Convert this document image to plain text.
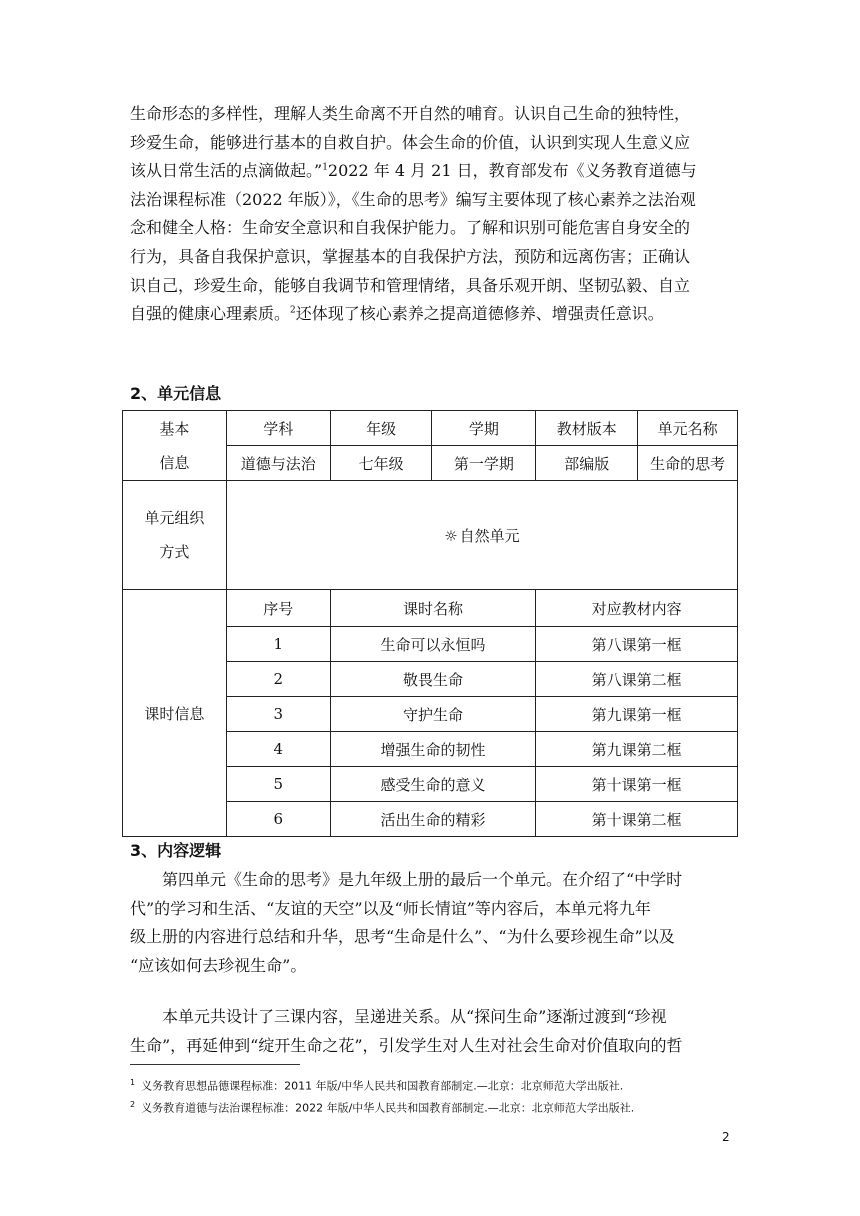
生命形态的多样性，理解人类生命离不开自然的哺育。认识自己生命的独特性，

珍爱生命，能够进行基本的自救自护。体会生命的价值，认识到实现人生意义应

该从日常生活的点滴做起。”$^1$2022 年 4 月 21 日，教育部发布《义务教育道德与

法治课程标准（2022 年版）》，《生命的思考》编写主要体现了核心素养之法治观

念和健全人格：生命安全意识和自我保护能力。了解和识别可能危害自身安全的

行为，具备自我保护意识，掌握基本的自我保护方法，预防和远离伤害；正确认

识自己，珍爱生命，能够自我调节和管理情绪，具备乐观开朗、坚韧弘毅、自立

自强的健康心理素质。$^2$还体现了核心素养之提高道德修养、增强责任意识。

2、单元信息
基本
信息	学科	年级	学期	教材版本	单元名称
	道德与法治	七年级	第一学期	部编版	生命的思考
单元组织
方式	☼ 自然单元				
课时信息	序号	课时名称		对应教材内容	
	1	生命可以永恒吗		第八课第一框	
	2	敬畏生命		第八课第二框	
	3	守护生命		第九课第一框	
	4	增强生命的韧性		第九课第二框	
	5	感受生命的意义		第十课第一框	
	6	活出生命的精彩		第十课第二框	
3、内容逻辑

第四单元《生命的思考》是九年级上册的最后一个单元。在介绍了“中学时

代”的学习和生活、“友谊的天空”以及“师长情谊”等内容后，本单元将九年

级上册的内容进行总结和升华，思考“生命是什么”、“为什么要珍视生命”以及

“应该如何去珍视生命”。

本单元共设计了三课内容，呈递进关系。从“探问生命”逐渐过渡到“珍视

生命”，再延伸到“绽开生命之花”，引发学生对人生对社会生命对价值取向的哲

$^1$ 义务教育思想品德课程标准：2011 年版/中华人民共和国教育部制定.—北京：北京师范大学出版社.
$^2$ 义务教育道德与法治课程标准：2022 年版/中华人民共和国教育部制定.—北京：北京师范大学出版社.
2
